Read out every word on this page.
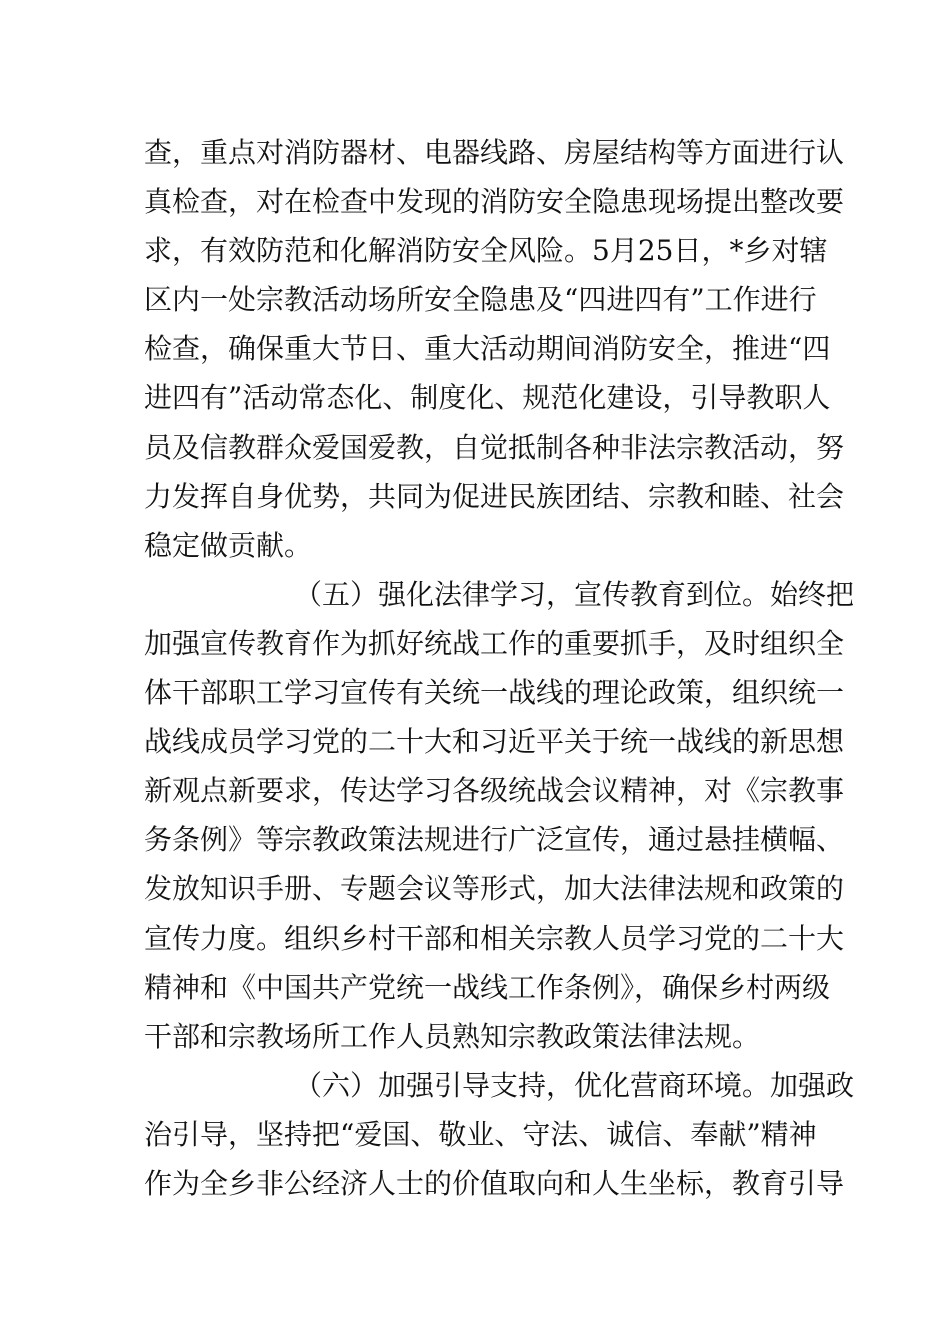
查，重点对消防器材、电器线路、房屋结构等方面进行认
真检查，对在检查中发现的消防安全隐患现场提出整改要
求，有效防范和化解消防安全风险。5月25日，*乡对辖
区内一处宗教活动场所安全隐患及“四进四有”工作进行
检查，确保重大节日、重大活动期间消防安全，推进“四
进四有”活动常态化、制度化、规范化建设，引导教职人
员及信教群众爱国爱教，自觉抵制各种非法宗教活动，努
力发挥自身优势，共同为促进民族团结、宗教和睦、社会
稳定做贡献。
（五）强化法律学习，宣传教育到位。始终把
加强宣传教育作为抓好统战工作的重要抓手，及时组织全
体干部职工学习宣传有关统一战线的理论政策，组织统一
战线成员学习党的二十大和习近平关于统一战线的新思想
新观点新要求，传达学习各级统战会议精神，对《宗教事
务条例》等宗教政策法规进行广泛宣传，通过悬挂横幅、
发放知识手册、专题会议等形式，加大法律法规和政策的
宣传力度。组织乡村干部和相关宗教人员学习党的二十大
精神和《中国共产党统一战线工作条例》，确保乡村两级
干部和宗教场所工作人员熟知宗教政策法律法规。
（六）加强引导支持，优化营商环境。加强政
治引导，坚持把“爱国、敬业、守法、诚信、奉献”精神
作为全乡非公经济人士的价值取向和人生坐标，教育引导
